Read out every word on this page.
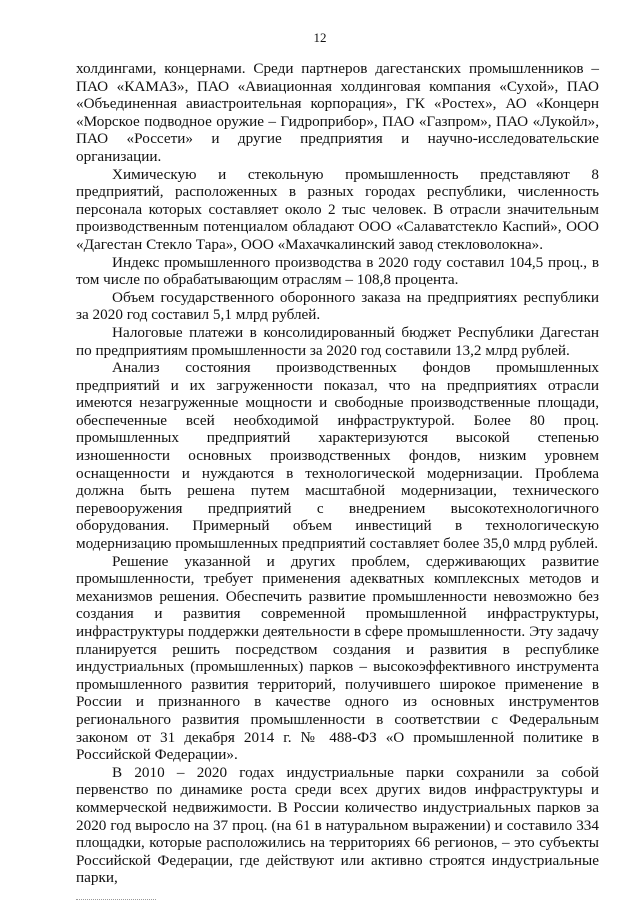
12

холдингами, концернами. Среди партнеров дагестанских промышленников – ПАО «КАМАЗ», ПАО «Авиационная холдинговая компания «Сухой», ПАО «Объединенная авиастроительная корпорация», ГК «Ростех», АО «Концерн «Морское подводное оружие – Гидроприбор», ПАО «Газпром», ПАО «Лукойл», ПАО «Россети» и другие предприятия и научно-исследовательские организации.

Химическую и стекольную промышленность представляют 8 предприятий, расположенных в разных городах республики, численность персонала которых составляет около 2 тыс человек. В отрасли значительным производственным потенциалом обладают ООО «Салаватстекло Каспий», ООО «Дагестан Стекло Тара», ООО «Махачкалинский завод стекловолокна».

Индекс промышленного производства в 2020 году составил 104,5 проц., в том числе по обрабатывающим отраслям – 108,8 процента.

Объем государственного оборонного заказа на предприятиях республики за 2020 год составил 5,1 млрд рублей.

Налоговые платежи в консолидированный бюджет Республики Дагестан по предприятиям промышленности за 2020 год составили 13,2 млрд рублей.

Анализ состояния производственных фондов промышленных предприятий и их загруженности показал, что на предприятиях отрасли имеются незагруженные мощности и свободные производственные площади, обеспеченные всей необходимой инфраструктурой. Более 80 проц. промышленных предприятий характеризуются высокой степенью изношенности основных производственных фондов, низким уровнем оснащенности и нуждаются в технологической модернизации. Проблема должна быть решена путем масштабной модернизации, технического перевооружения предприятий с внедрением высокотехнологичного оборудования. Примерный объем инвестиций в технологическую модернизацию промышленных предприятий составляет более 35,0 млрд рублей.

Решение указанной и других проблем, сдерживающих развитие промышленности, требует применения адекватных комплексных методов и механизмов решения. Обеспечить развитие промышленности невозможно без создания и развития современной промышленной инфраструктуры, инфраструктуры поддержки деятельности в сфере промышленности. Эту задачу планируется решить посредством создания и развития в республике индустриальных (промышленных) парков – высокоэффективного инструмента промышленного развития территорий, получившего широкое применение в России и признанного в качестве одного из основных инструментов регионального развития промышленности в соответствии с Федеральным законом от 31 декабря 2014 г. № 488-ФЗ «О промышленной политике в Российской Федерации».

В 2010 – 2020 годах индустриальные парки сохранили за собой первенство по динамике роста среди всех других видов инфраструктуры и коммерческой недвижимости. В России количество индустриальных парков за 2020 год выросло на 37 проц. (на 61 в натуральном выражении) и составило 334 площадки, которые расположились на территориях 66 регионов, – это субъекты Российской Федерации, где действуют или активно строятся индустриальные парки,
